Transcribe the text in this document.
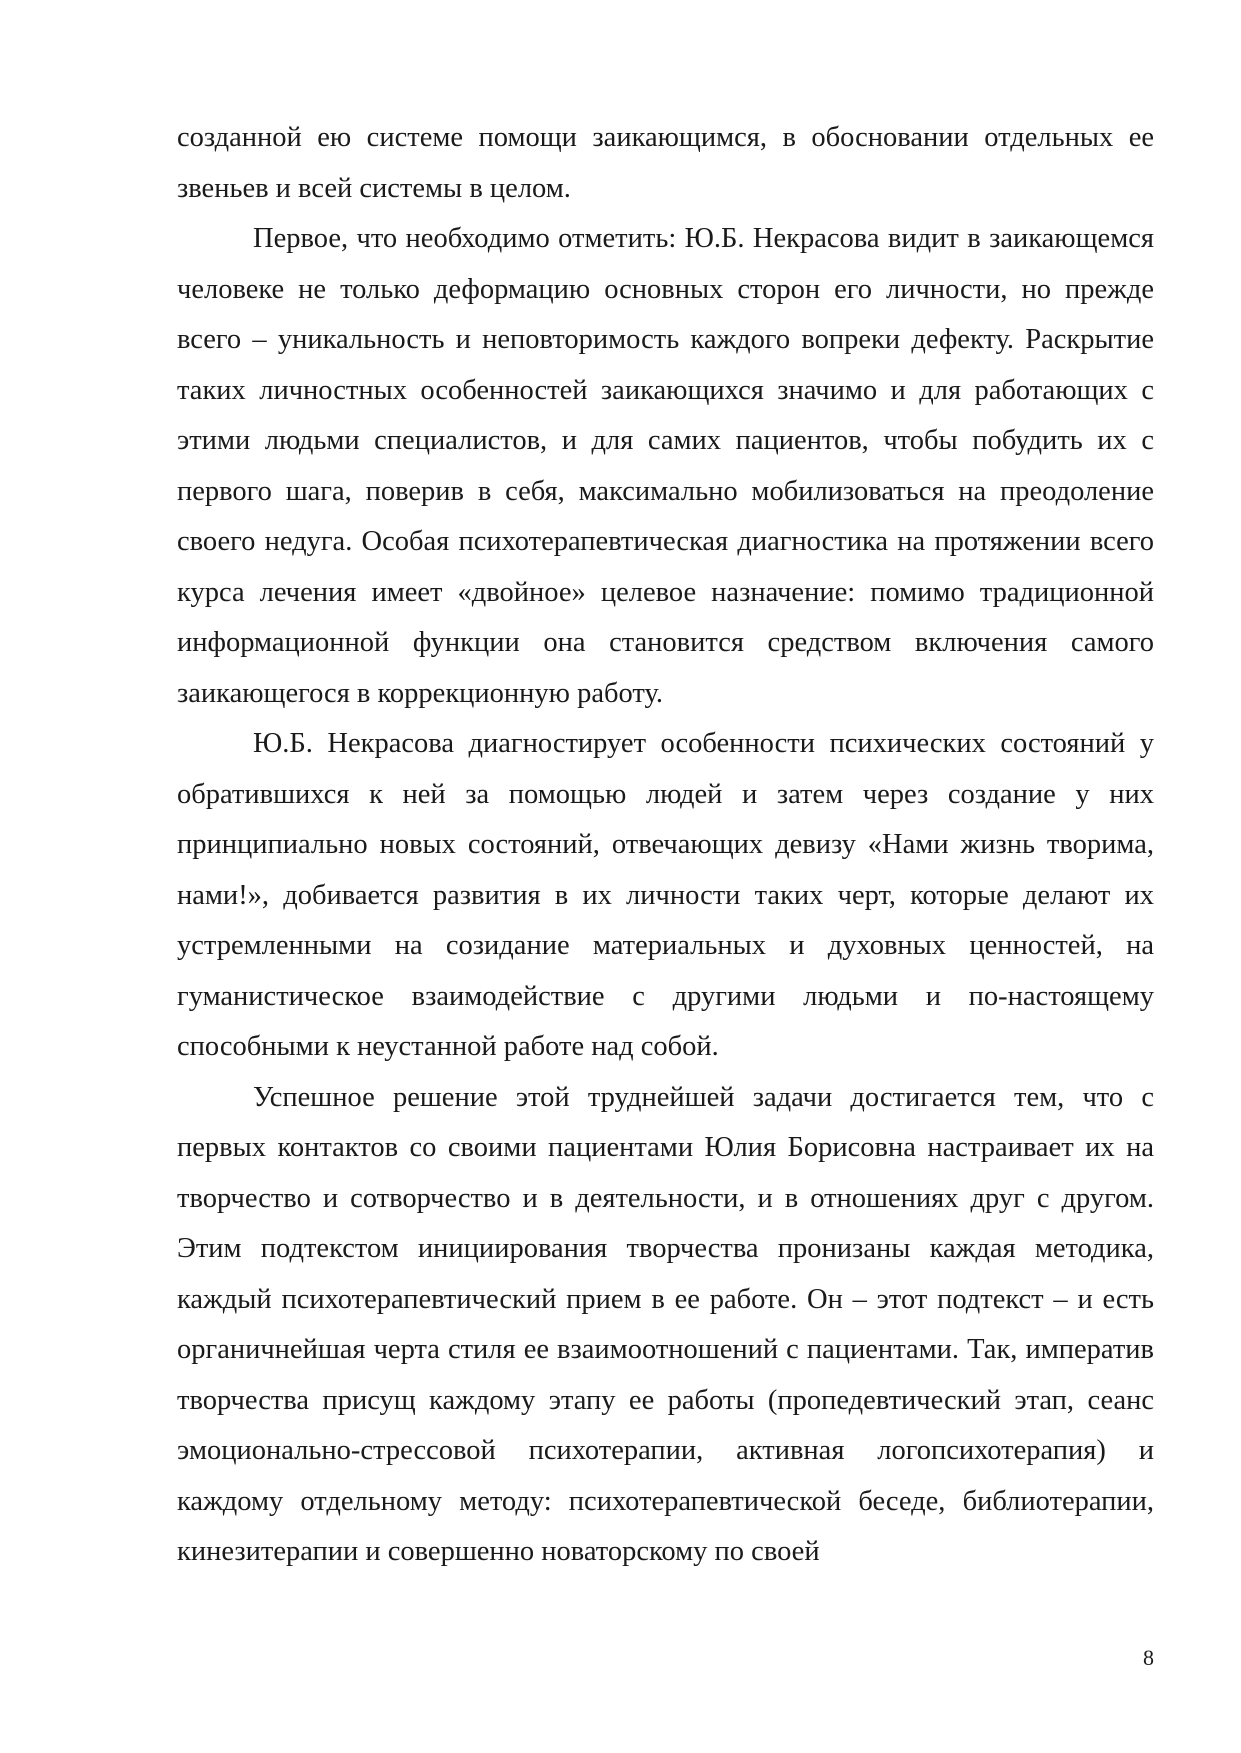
созданной ею системе помощи заикающимся, в обосновании отдельных ее звеньев и всей системы в целом.

Первое, что необходимо отметить: Ю.Б. Некрасова видит в заикающемся человеке не только деформацию основных сторон его личности, но прежде всего – уникальность и неповторимость каждого вопреки дефекту. Раскрытие таких личностных особенностей заикающихся значимо и для работающих с этими людьми специалистов, и для самих пациентов, чтобы побудить их с первого шага, поверив в себя, максимально мобилизоваться на преодоление своего недуга. Особая психотерапевтическая диагностика на протяжении всего курса лечения имеет «двойное» целевое назначение: помимо традиционной информационной функции она становится средством включения самого заикающегося в коррекционную работу.

Ю.Б. Некрасова диагностирует особенности психических состояний у обратившихся к ней за помощью людей и затем через создание у них принципиально новых состояний, отвечающих девизу «Нами жизнь творима, нами!», добивается развития в их личности таких черт, которые делают их устремленными на созидание материальных и духовных ценностей, на гуманистическое взаимодействие с другими людьми и по-настоящему способными к неустанной работе над собой.

Успешное решение этой труднейшей задачи достигается тем, что с первых контактов со своими пациентами Юлия Борисовна настраивает их на творчество и сотворчество и в деятельности, и в отношениях друг с другом. Этим подтекстом инициирования творчества пронизаны каждая методика, каждый психотерапевтический прием в ее работе. Он – этот подтекст – и есть органичнейшая черта стиля ее взаимоотношений с пациентами. Так, императив творчества присущ каждому этапу ее работы (пропедевтический этап, сеанс эмоционально-стрессовой психотерапии, активная логопсихотерапия) и каждому отдельному методу: психотерапевтической беседе, библиотерапии, кинезитерапии и совершенно новаторскому по своей

8
